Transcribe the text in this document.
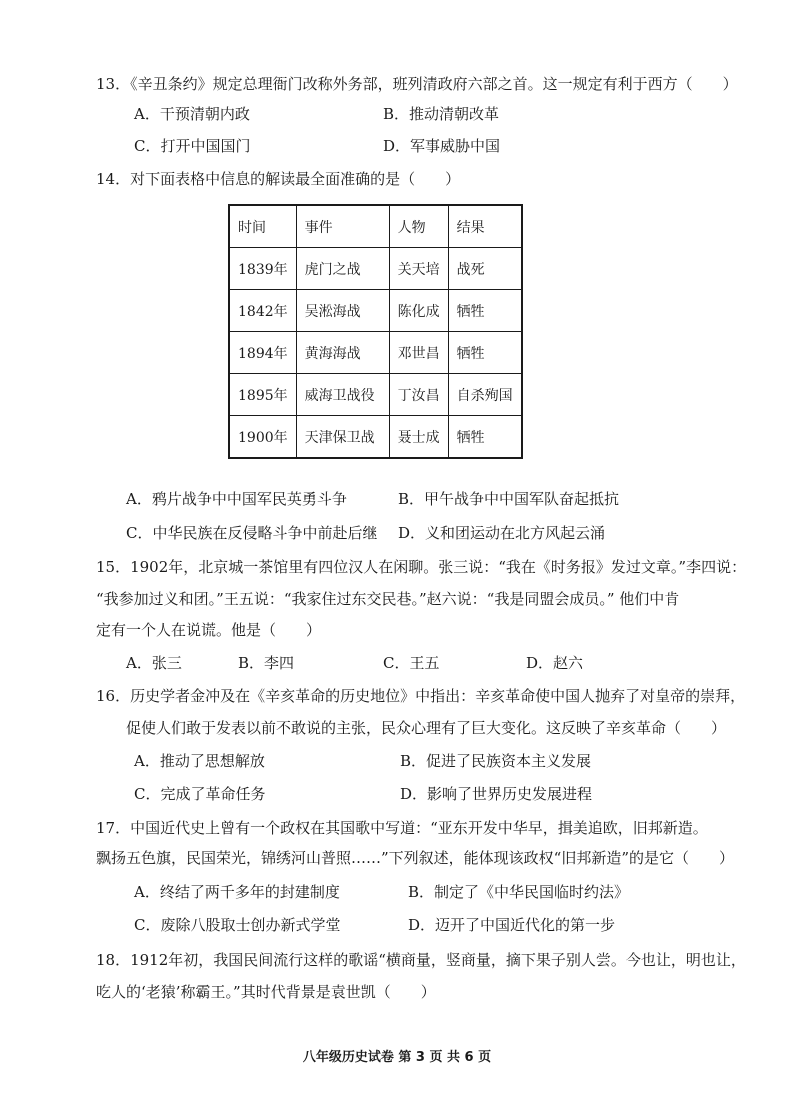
13．《辛丑条约》规定总理衙门改称外务部，班列清政府六部之首。这一规定有利于西方（　　）
A．干预清朝内政	B．推动清朝改革
C．打开中国国门	D．军事威胁中国
14．对下面表格中信息的解读最全面准确的是（　　）
时间	事件	人物	结果
1839年	虎门之战	关天培	战死
1842年	吴淞海战	陈化成	牺牲
1894年	黄海海战	邓世昌	牺牲
1895年	威海卫战役	丁汝昌	自杀殉国
1900年	天津保卫战	聂士成	牺牲
A．鸦片战争中中国军民英勇斗争	B．甲午战争中中国军队奋起抵抗
C．中华民族在反侵略斗争中前赴后继 D．义和团运动在北方风起云涌
15．1902年，北京城一茶馆里有四位汉人在闲聊。张三说：“我在《时务报》发过文章。”李四说：
“我参加过义和团。”王五说：“我家住过东交民巷。”赵六说：“我是同盟会成员。” 他们中肯
定有一个人在说谎。他是（　　）
A．张三	B．李四	C．王五	D．赵六
16．历史学者金冲及在《辛亥革命的历史地位》中指出：辛亥革命使中国人抛弃了对皇帝的崇拜，
促使人们敢于发表以前不敢说的主张，民众心理有了巨大变化。这反映了辛亥革命（　　）
A．推动了思想解放	B．促进了民族资本主义发展
C．完成了革命任务	D．影响了世界历史发展进程
17．中国近代史上曾有一个政权在其国歌中写道：“亚东开发中华早，揖美追欧，旧邦新造。
飘扬五色旗，民国荣光，锦绣河山普照……”下列叙述，能体现该政权“旧邦新造”的是它（　　）
A．终结了两千多年的封建制度	B．制定了《中华民国临时约法》
C．废除八股取士创办新式学堂	D．迈开了中国近代化的第一步
18．1912年初，我国民间流行这样的歌谣“横商量，竖商量，摘下果子别人尝。今也让，明也让，
吃人的‘老猿’称霸王。”其时代背景是袁世凯（　　）
八年级历史试卷 第 3 页 共 6 页
